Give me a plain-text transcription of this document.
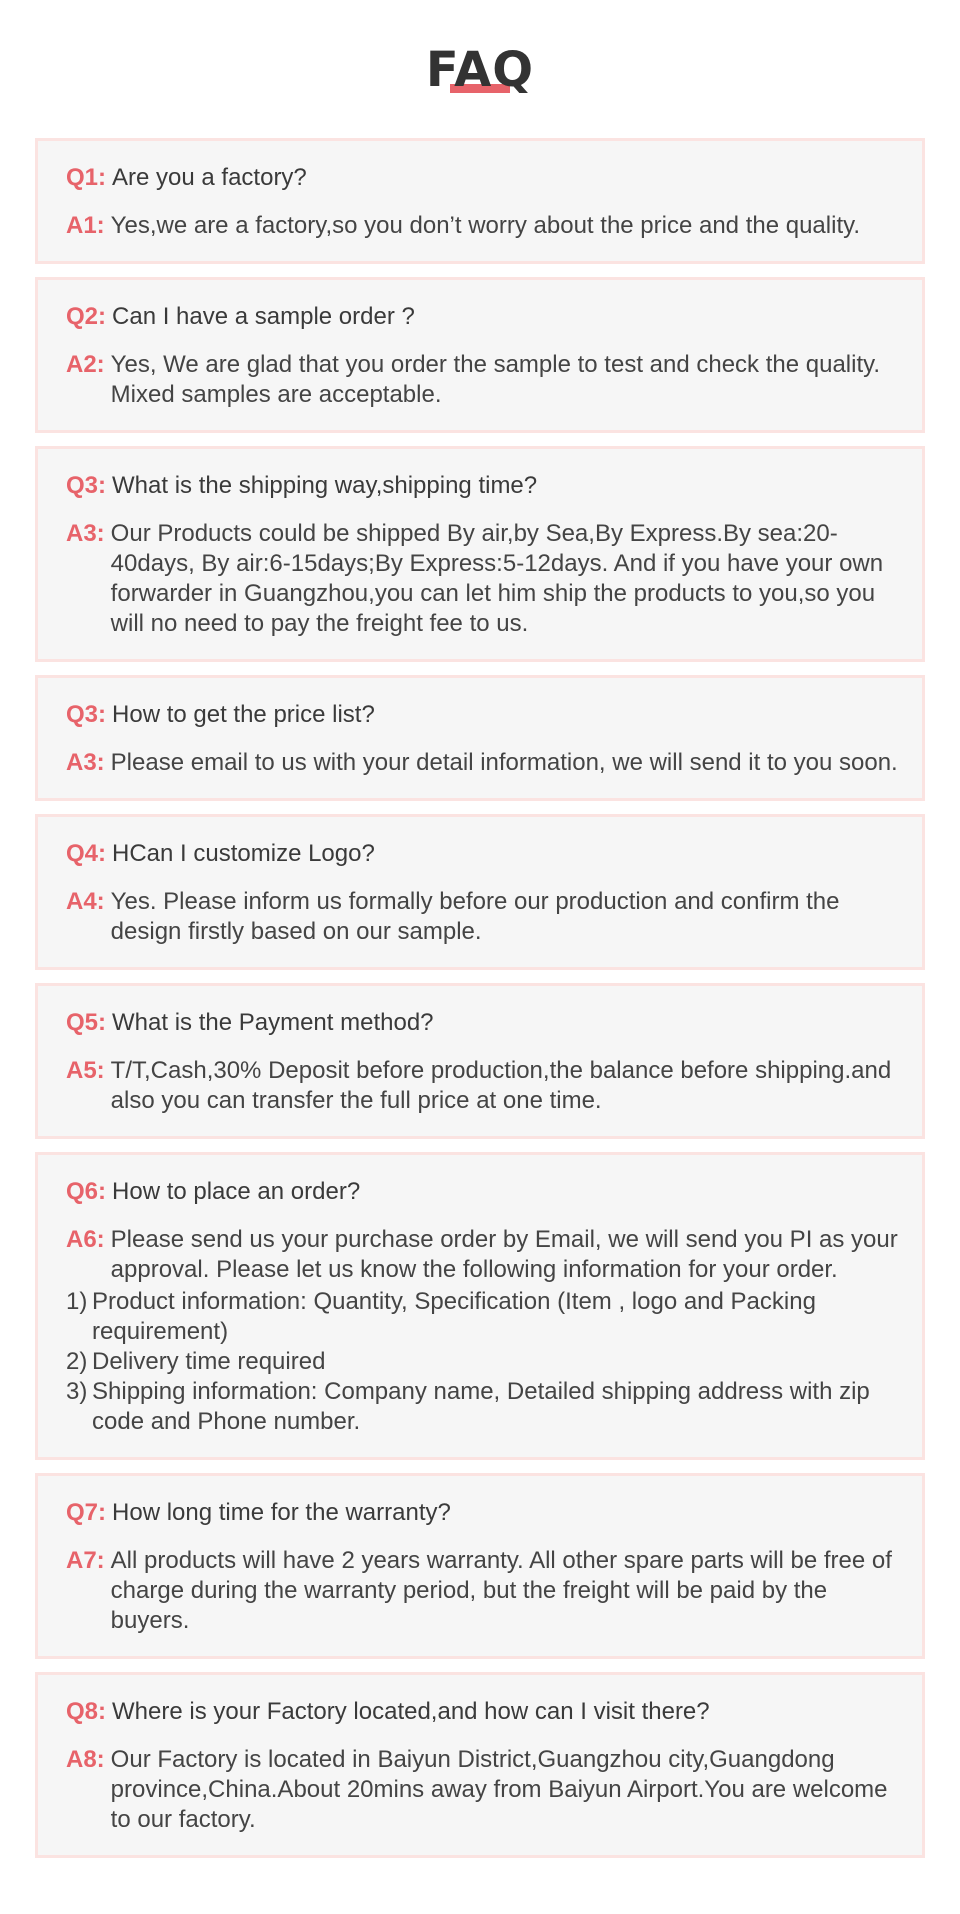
FAQ
Q1: Are you a factory?
A1: Yes,we are a factory,so you don’t worry about the price and the quality.
Q2: Can I have a sample order ?
A2: Yes, We are glad that you order the sample to test and check the quality. Mixed samples are acceptable.
Q3: What is the shipping way,shipping time?
A3: Our Products could be shipped By air,by Sea,By Express.By sea:20-40days, By air:6-15days;By Express:5-12days. And if you have your own forwarder in Guangzhou,you can let him ship the products to you,so you will no need to pay the freight fee to us.
Q3: How to get the price list?
A3: Please email to us with your detail information, we will send it to you soon.
Q4: HCan I customize Logo?
A4: Yes. Please inform us formally before our production and confirm the design firstly based on our sample.
Q5: What is the Payment method?
A5: T/T,Cash,30% Deposit before production,the balance before shipping.and also you can transfer the full price at one time.
Q6: How to place an order?
A6: Please send us your purchase order by Email, we will send you PI as your approval. Please let us know the following information for your order.
1) Product information: Quantity, Specification (Item , logo and Packing requirement)
2) Delivery time required
3) Shipping information: Company name, Detailed shipping address with zip code and Phone number.
Q7: How long time for the warranty?
A7: All products will have 2 years warranty. All other spare parts will be free of charge during the warranty period, but the freight will be paid by the buyers.
Q8: Where is your Factory located,and how can I visit there?
A8: Our Factory is located in Baiyun District,Guangzhou city,Guangdong province,China.About 20mins away from Baiyun Airport.You are welcome to our factory.
